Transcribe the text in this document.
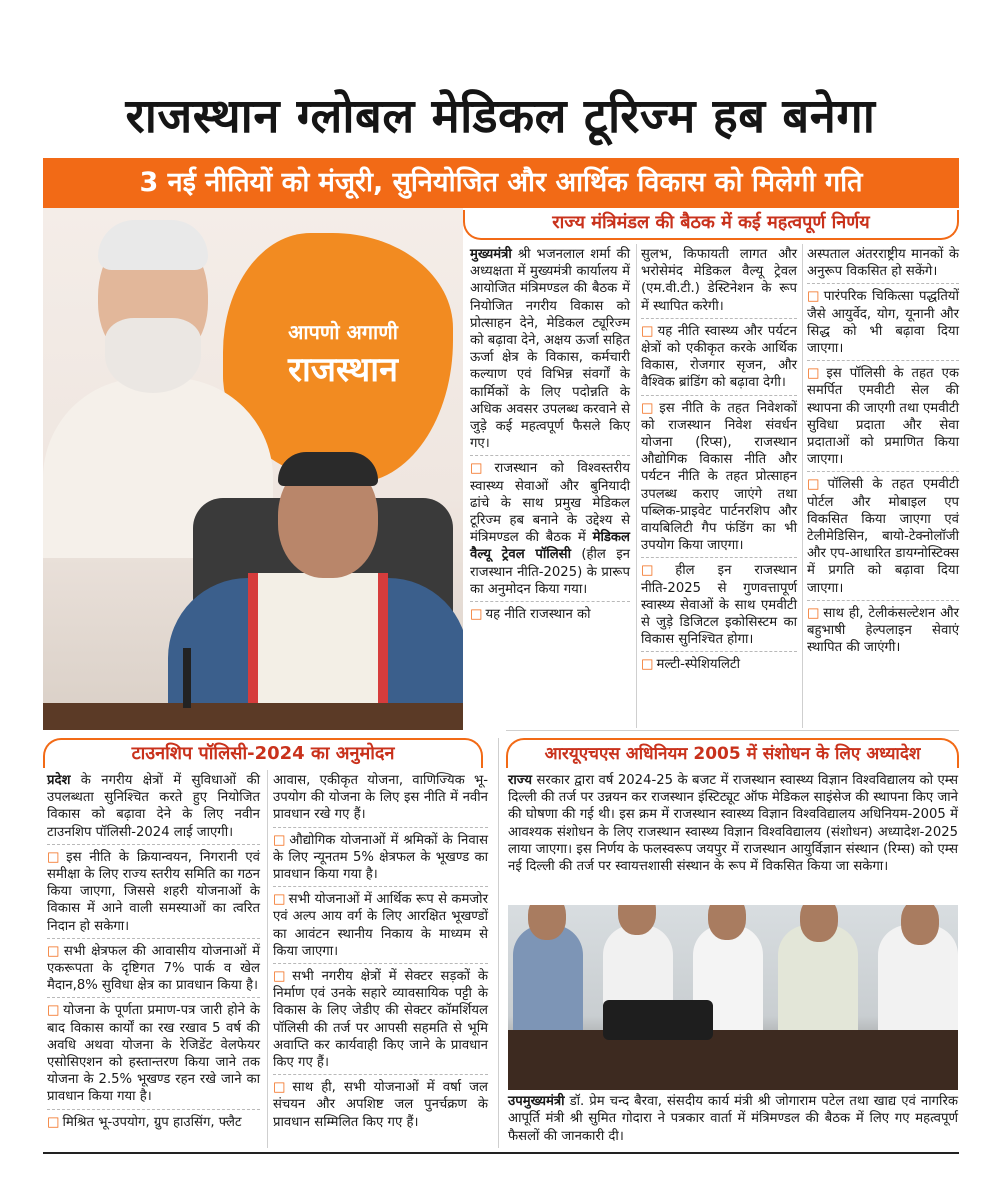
राजस्थान ग्लोबल मेडिकल टूरिज्म हब बनेगा
3 नई नीतियों को मंजूरी, सुनियोजित और आर्थिक विकास को मिलेगी गति
आपणो अगाणी
राजस्थान
राज्य मंत्रिमंडल की बैठक में कई महत्वपूर्ण निर्णय

मुख्यमंत्री श्री भजनलाल शर्मा की अध्यक्षता में मुख्यमंत्री कार्यालय में आयोजित मंत्रिमण्डल की बैठक में नियोजित नगरीय विकास को प्रोत्साहन देने, मेडिकल ट्यूरिज्म को बढ़ावा देने, अक्षय ऊर्जा सहित ऊर्जा क्षेत्र के विकास, कर्मचारी कल्याण एवं विभिन्न संवर्गों के कार्मिकों के लिए पदोन्नति के अधिक अवसर उपलब्ध करवाने से जुड़े कई महत्वपूर्ण फैसले किए गए।

□ राजस्थान को विश्वस्तरीय स्वास्थ्य सेवाओं और बुनियादी ढांचे के साथ प्रमुख मेडिकल टूरिज्म हब बनाने के उद्देश्य से मंत्रिमण्डल की बैठक में मेडिकल वैल्यू ट्रेवल पॉलिसी (हील इन राजस्थान नीति-2025) के प्रारूप का अनुमोदन किया गया।

□ यह नीति राजस्थान को

सुलभ, किफायती लागत और भरोसेमंद मेडिकल वैल्यू ट्रेवल (एम.वी.टी.) डेस्टिनेशन के रूप में स्थापित करेगी।

□ यह नीति स्वास्थ्य और पर्यटन क्षेत्रों को एकीकृत करके आर्थिक विकास, रोजगार सृजन, और वैश्विक ब्रांडिंग को बढ़ावा देगी।

□ इस नीति के तहत निवेशकों को राजस्थान निवेश संवर्धन योजना (रिप्स), राजस्थान औद्योगिक विकास नीति और पर्यटन नीति के तहत प्रोत्साहन उपलब्ध कराए जाएंगे तथा पब्लिक-प्राइवेट पार्टनरशिप और वायबिलिटी गैप फंडिंग का भी उपयोग किया जाएगा।

□ हील इन राजस्थान नीति-2025 से गुणवत्तापूर्ण स्वास्थ्य सेवाओं के साथ एमवीटी से जुड़े डिजिटल इकोसिस्टम का विकास सुनिश्चित होगा।

□ मल्टी-स्पेशियलिटी

अस्पताल अंतरराष्ट्रीय मानकों के अनुरूप विकसित हो सकेंगे।

□ पारंपरिक चिकित्सा पद्धतियों जैसे आयुर्वेद, योग, यूनानी और सिद्ध को भी बढ़ावा दिया जाएगा।

□ इस पॉलिसी के तहत एक समर्पित एमवीटी सेल की स्थापना की जाएगी तथा एमवीटी सुविधा प्रदाता और सेवा प्रदाताओं को प्रमाणित किया जाएगा।

□ पॉलिसी के तहत एमवीटी पोर्टल और मोबाइल एप विकसित किया जाएगा एवं टेलीमेडिसिन, बायो-टेक्नोलॉजी और एप-आधारित डायग्नोस्टिक्स में प्रगति को बढ़ावा दिया जाएगा।

□ साथ ही, टेलीकंसल्टेशन और बहुभाषी हेल्पलाइन सेवाएं स्थापित की जाएंगी।

टाउनशिप पॉलिसी-2024 का अनुमोदन

प्रदेश के नगरीय क्षेत्रों में सुविधाओं की उपलब्धता सुनिश्चित करते हुए नियोजित विकास को बढ़ावा देने के लिए नवीन टाउनशिप पॉलिसी-2024 लाई जाएगी।

□ इस नीति के क्रियान्वयन, निगरानी एवं समीक्षा के लिए राज्य स्तरीय समिति का गठन किया जाएगा, जिससे शहरी योजनाओं के विकास में आने वाली समस्याओं का त्वरित निदान हो सकेगा।

□ सभी क्षेत्रफल की आवासीय योजनाओं में एकरूपता के दृष्टिगत 7% पार्क व खेल मैदान,8% सुविधा क्षेत्र का प्रावधान किया है।

□ योजना के पूर्णता प्रमाण-पत्र जारी होने के बाद विकास कार्यों का रख रखाव 5 वर्ष की अवधि अथवा योजना के रेजिडेंट वेलफेयर एसोसिएशन को हस्तान्तरण किया जाने तक योजना के 2.5% भूखण्ड रहन रखे जाने का प्रावधान किया गया है।

□ मिश्रित भू-उपयोग, ग्रुप हाउसिंग, फ्लैट

आवास, एकीकृत योजना, वाणिज्यिक भू-उपयोग की योजना के लिए इस नीति में नवीन प्रावधान रखे गए हैं।

□ औद्योगिक योजनाओं में श्रमिकों के निवास के लिए न्यूनतम 5% क्षेत्रफल के भूखण्ड का प्रावधान किया गया है।

□ सभी योजनाओं में आर्थिक रूप से कमजोर एवं अल्प आय वर्ग के लिए आरक्षित भूखण्डों का आवंटन स्थानीय निकाय के माध्यम से किया जाएगा।

□ सभी नगरीय क्षेत्रों में सेक्टर सड़कों के निर्माण एवं उनके सहारे व्यावसायिक पट्टी के विकास के लिए जेडीए की सेक्टर कॉमर्शियल पॉलिसी की तर्ज पर आपसी सहमति से भूमि अवाप्ति कर कार्यवाही किए जाने के प्रावधान किए गए हैं।

□ साथ ही, सभी योजनाओं में वर्षा जल संचयन और अपशिष्ट जल पुनर्चक्रण के प्रावधान सम्मिलित किए गए हैं।

आरयूएचएस अधिनियम 2005 में संशोधन के लिए अध्यादेश

राज्य सरकार द्वारा वर्ष 2024-25 के बजट में राजस्थान स्वास्थ्य विज्ञान विश्वविद्यालय को एम्स दिल्ली की तर्ज पर उन्नयन कर राजस्थान इंस्टिट्यूट ऑफ मेडिकल साइंसेज की स्थापना किए जाने की घोषणा की गई थी। इस क्रम में राजस्थान स्वास्थ्य विज्ञान विश्वविद्यालय अधिनियम-2005 में आवश्यक संशोधन के लिए राजस्थान स्वास्थ्य विज्ञान विश्वविद्यालय (संशोधन) अध्यादेश-2025 लाया जाएगा। इस निर्णय के फलस्वरूप जयपुर में राजस्थान आयुर्विज्ञान संस्थान (रिम्स) को एम्स नई दिल्ली की तर्ज पर स्वायत्तशासी संस्थान के रूप में विकसित किया जा सकेगा।

उपमुख्यमंत्री डॉ. प्रेम चन्द बैरवा, संसदीय कार्य मंत्री श्री जोगाराम पटेल तथा खाद्य एवं नागरिक आपूर्ति मंत्री श्री सुमित गोदारा ने पत्रकार वार्ता में मंत्रिमण्डल की बैठक में लिए गए महत्वपूर्ण फैसलों की जानकारी दी।
